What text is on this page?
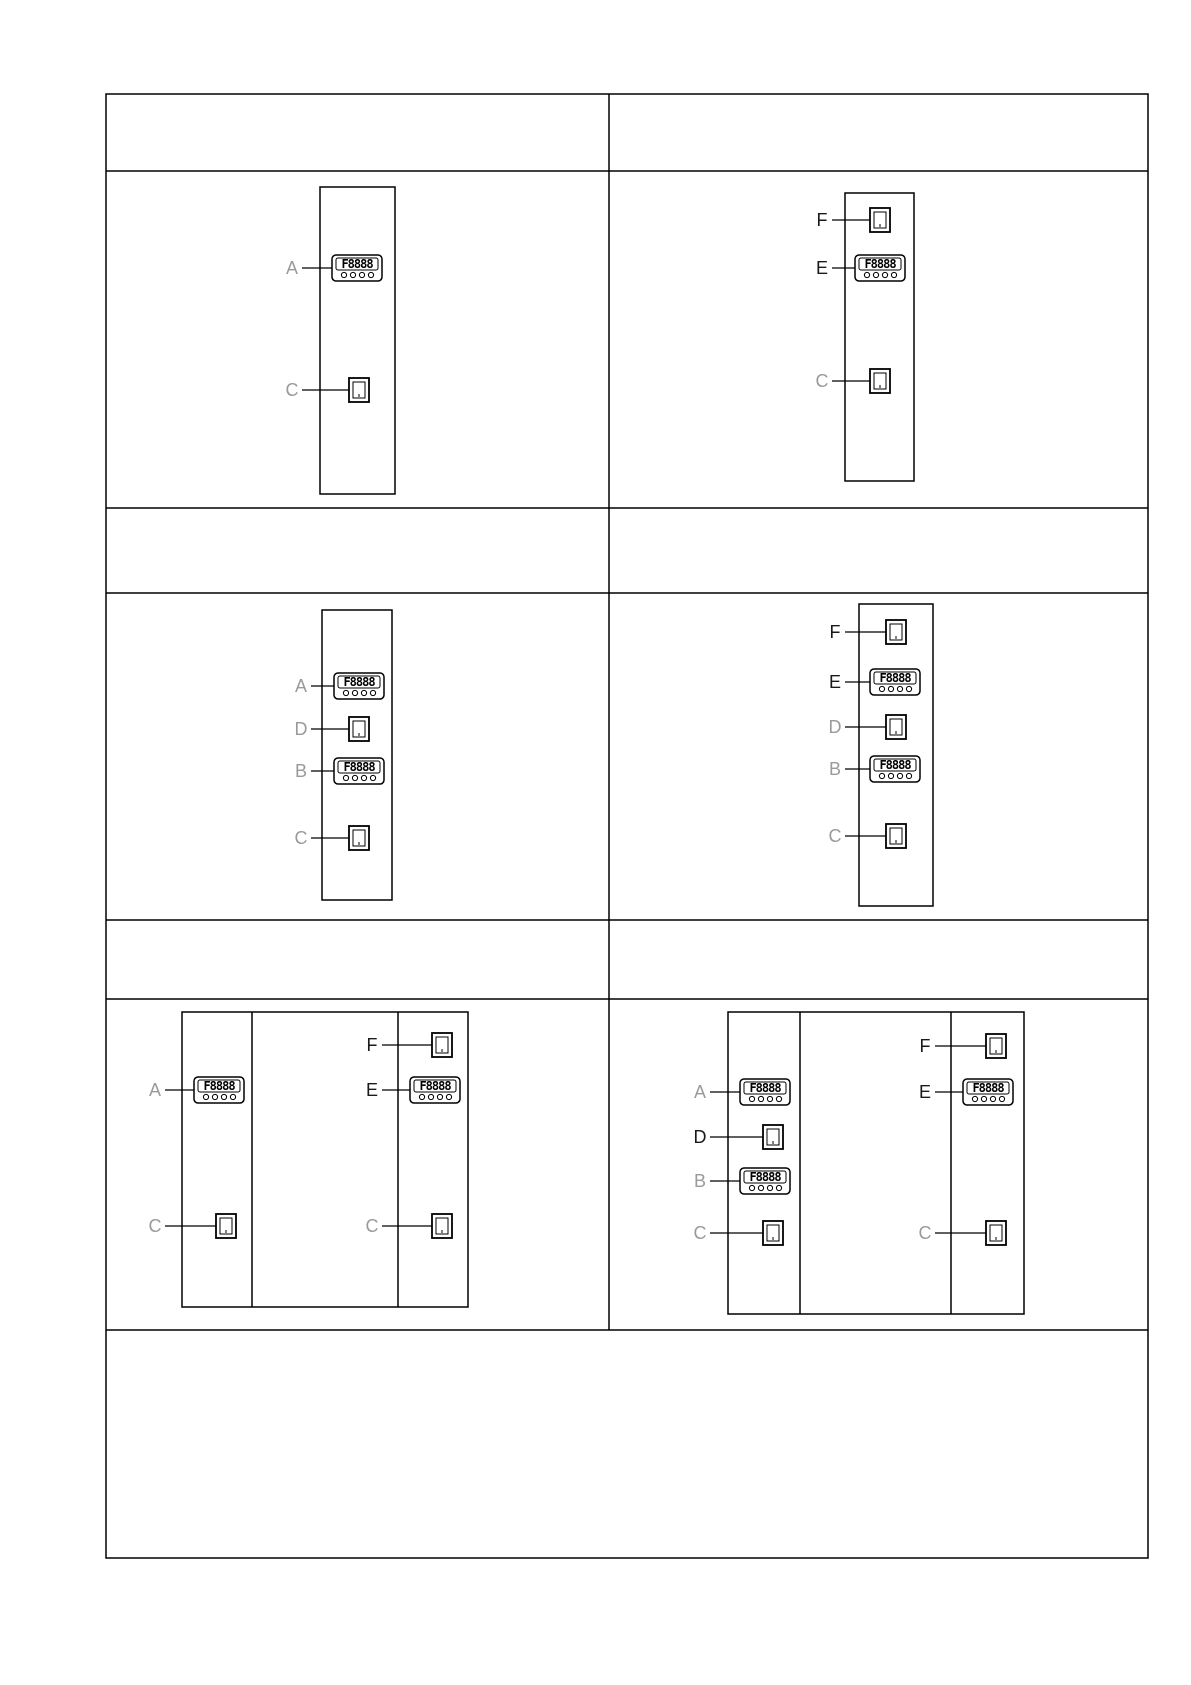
F8888
A
C
F
F8888
E
C
F8888
A
D
F8888
B
C
F
F8888
E
D
F8888
B
C
F8888
A
C
F
F8888
E
C
F8888
A
D
F8888
B
C
F
F8888
E
C
